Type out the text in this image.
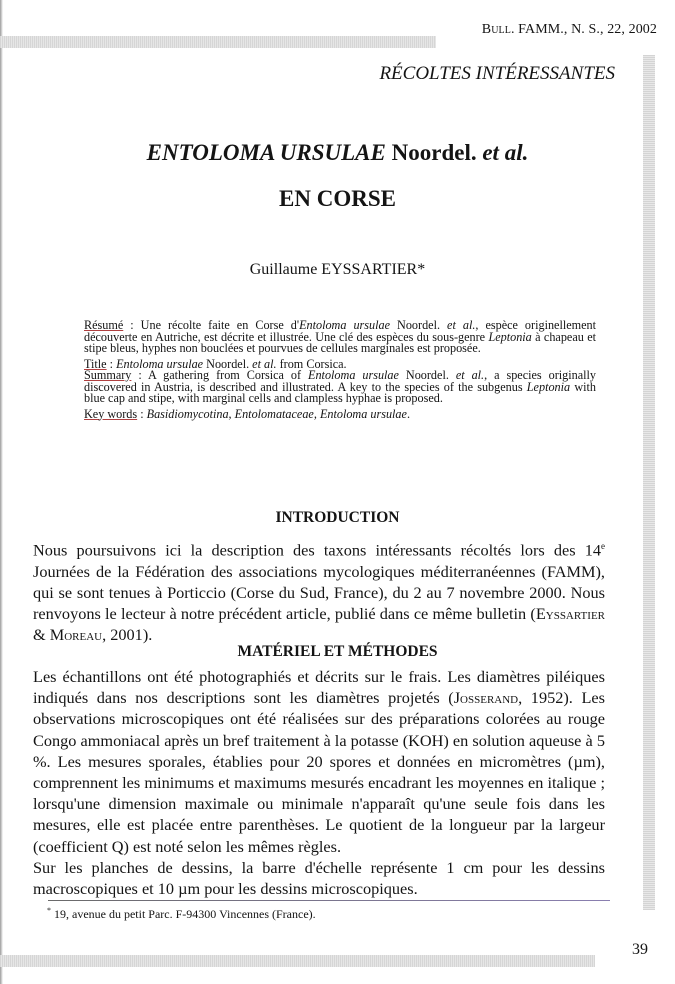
Bull. FAMM., N. S., 22, 2002
RÉCOLTES INTÉRESSANTES
ENTOLOMA URSULAE Noordel. et al.
EN CORSE
Guillaume EYSSARTIER*

Résumé : Une récolte faite en Corse d'Entoloma ursulae Noordel. et al., espèce originellement découverte en Autriche, est décrite et illustrée. Une clé des espèces du sous-genre Leptonia à chapeau et stipe bleus, hyphes non bouclées et pourvues de cellules marginales est proposée.

Title : Entoloma ursulae Noordel. et al. from Corsica.

Summary : A gathering from Corsica of Entoloma ursulae Noordel. et al., a species originally discovered in Austria, is described and illustrated. A key to the species of the subgenus Leptonia with blue cap and stipe, with marginal cells and clampless hyphae is proposed.

Key words : Basidiomycotina, Entolomataceae, Entoloma ursulae.

INTRODUCTION

Nous poursuivons ici la description des taxons intéressants récoltés lors des 14e Journées de la Fédération des associations mycologiques méditerranéennes (FAMM), qui se sont tenues à Porticcio (Corse du Sud, France), du 2 au 7 novembre 2000. Nous renvoyons le lecteur à notre précédent article, publié dans ce même bulletin (Eyssartier & Moreau, 2001).

MATÉRIEL ET MÉTHODES

Les échantillons ont été photographiés et décrits sur le frais. Les diamètres piléiques indiqués dans nos descriptions sont les diamètres projetés (Josserand, 1952). Les observations microscopiques ont été réalisées sur des préparations colorées au rouge Congo ammoniacal après un bref traitement à la potasse (KOH) en solution aqueuse à 5 %. Les mesures sporales, établies pour 20 spores et données en micromètres (µm), comprennent les minimums et maximums mesurés encadrant les moyennes en italique ; lorsqu'une dimension maximale ou minimale n'apparaît qu'une seule fois dans les mesures, elle est placée entre parenthèses. Le quotient de la longueur par la largeur (coefficient Q) est noté selon les mêmes règles.

Sur les planches de dessins, la barre d'échelle représente 1 cm pour les dessins macroscopiques et 10 µm pour les dessins microscopiques.

* 19, avenue du petit Parc. F-94300 Vincennes (France).
39
